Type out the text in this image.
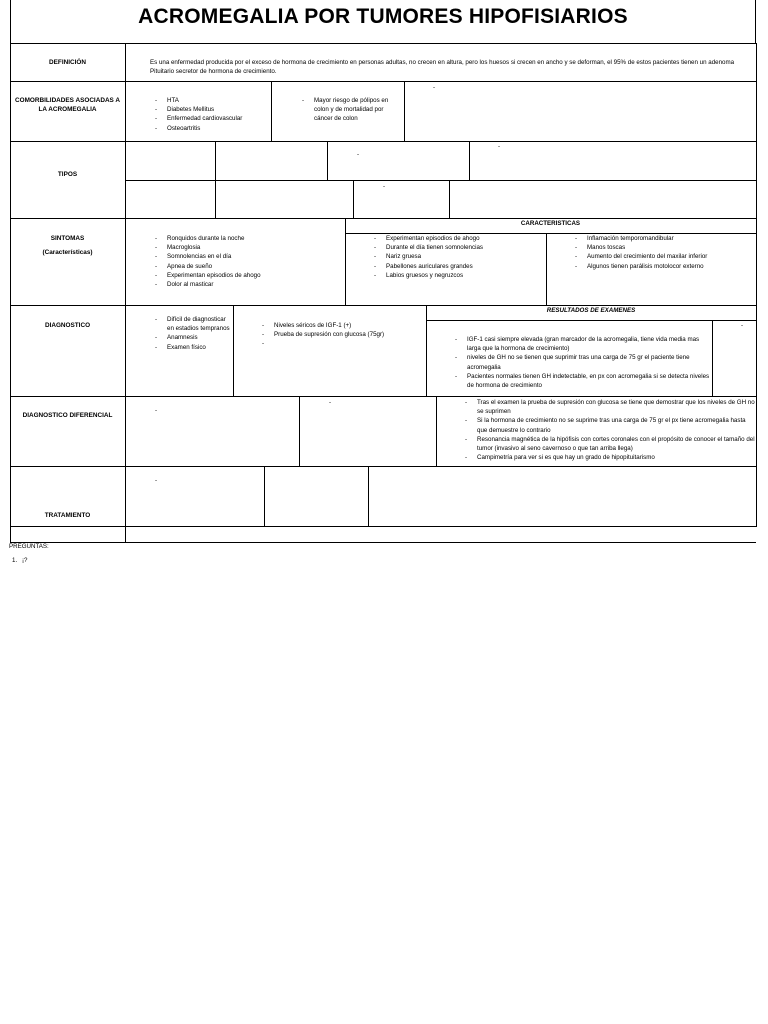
ACROMEGALIA POR TUMORES HIPOFISIARIOS
DEFINICIÓN	Es una enfermedad producida por el exceso de hormona de crecimiento en personas adultas, no crecen en altura, pero los huesos si crecen en ancho y se deforman, el 95% de estos pacientes tienen un adenoma Pituitario secretor de hormona de crecimiento.
COMORBILIDADES ASOCIADAS A LA ACROMEGALIA
- HTA
- Diabetes Mellitus
- Enfermedad cardiovascular
- Osteoartritis
- Mayor riesgo de pólipos en colon y de mortalidad por cáncer de colon
-
TIPOS
-
-
-
SINTOMAS
(Características)
CARACTERISTICAS
- Ronquidos durante la noche
- Macroglosia
- Somnolencias en el día
- Apnea de sueño
- Experimentan episodios de ahogo
- Dolor al masticar
- Experimentan episodios de ahogo
- Durante el día tienen somnolencias
- Nariz gruesa
- Pabellones auriculares grandes
- Labios gruesos y negruzcos
- Inflamación temporomandibular
- Manos toscas
- Aumento del crecimiento del maxilar inferior
- Algunos tienen parálisis motolocor externo
DIAGNOSTICO
RESULTADOS DE EXAMENES
- Difícil de diagnosticar en estadios tempranos
- Anamnesis
- Examen físico
- Niveles séricos de IGF-1 (+)
- Prueba de supresión con glucosa (75gr)
- IGF-1 casi siempre elevada (gran marcador de la acromegalia, tiene vida media mas larga que la hormona de crecimiento)
- niveles de GH no se tienen que suprimir tras una carga de 75 gr el paciente tiene acromegalia
- Pacientes normales tienen GH indetectable, en px con acromegalia si se detecta niveles de hormona de crecimiento
-
DIAGNOSTICO DIFERENCIAL
-
-
-	Tras el examen la prueba de supresión con glucosa se tiene que demostrar que los niveles de GH no se suprimen
- Si la hormona de crecimiento no se suprime tras una carga de 75 gr el px tiene acromegalia hasta que demuestre lo contrario
- Resonancia magnética de la hipófisis con cortes coronales con el propósito de conocer el tamaño del tumor (invasivo al seno cavernoso o que tan arriba llega)
- Campimetría para ver si es que hay un grado de hipopituitarismo
TRATAMIENTO
-
PREGUNTAS:
1. ¡?
